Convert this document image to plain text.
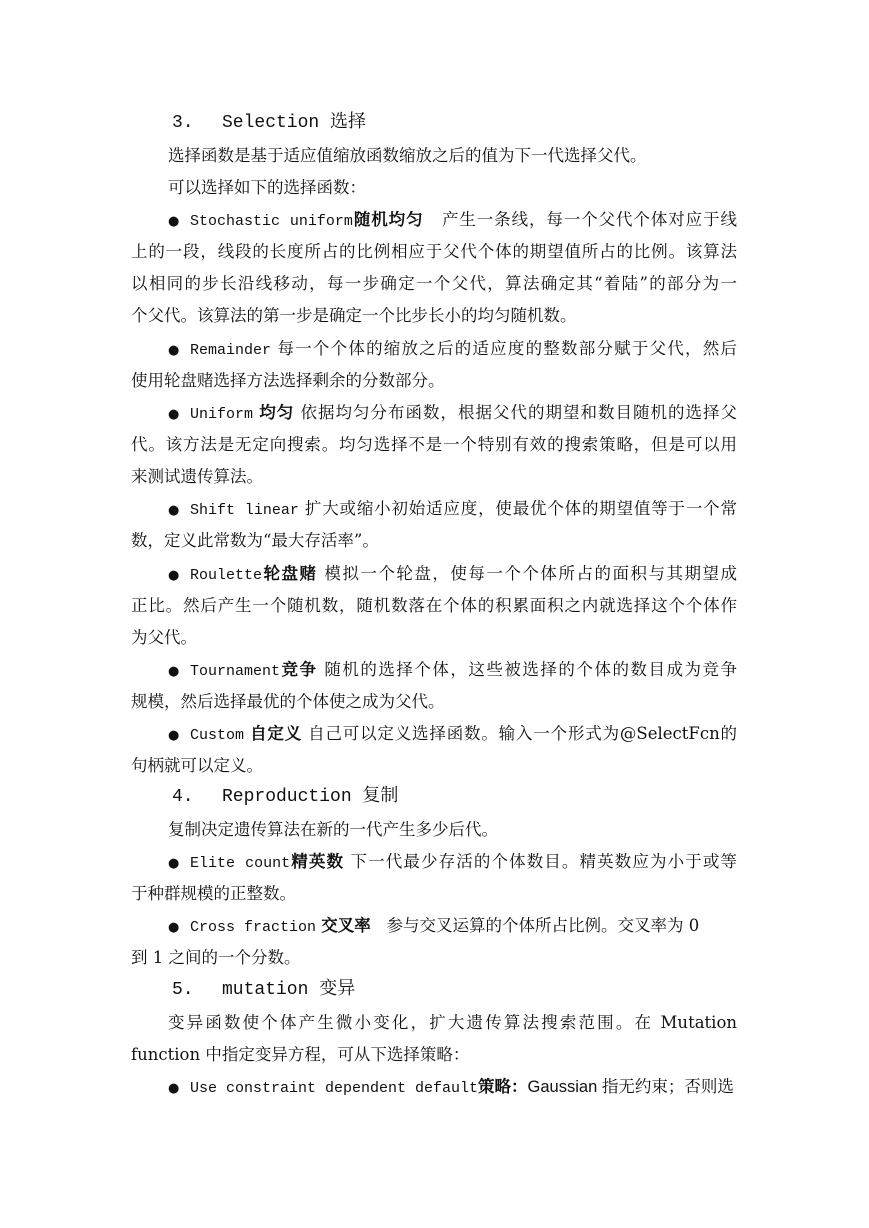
3. Selection 选择
选择函数是基于适应值缩放函数缩放之后的值为下一代选择父代。
可以选择如下的选择函数：
● Stochastic uniform随机均匀 产生一条线，每一个父代个体对应于线
上的一段，线段的长度所占的比例相应于父代个体的期望值所占的比例。该算法
以相同的步长沿线移动，每一步确定一个父代，算法确定其“着陆”的部分为一
个父代。该算法的第一步是确定一个比步长小的均匀随机数。
● Remainder 每一个个体的缩放之后的适应度的整数部分赋于父代，然后
使用轮盘赌选择方法选择剩余的分数部分。
● Uniform 均匀 依据均匀分布函数，根据父代的期望和数目随机的选择父
代。该方法是无定向搜索。均匀选择不是一个特别有效的搜索策略，但是可以用
来测试遗传算法。
● Shift linear 扩大或缩小初始适应度，使最优个体的期望值等于一个常
数，定义此常数为“最大存活率”。
● Roulette轮盘赌 模拟一个轮盘，使每一个个体所占的面积与其期望成
正比。然后产生一个随机数，随机数落在个体的积累面积之内就选择这个个体作
为父代。
● Tournament竞争 随机的选择个体，这些被选择的个体的数目成为竞争
规模，然后选择最优的个体使之成为父代。
● Custom 自定义 自己可以定义选择函数。输入一个形式为@SelectFcn的
句柄就可以定义。
4. Reproduction 复制
复制决定遗传算法在新的一代产生多少后代。
● Elite count精英数 下一代最少存活的个体数目。精英数应为小于或等
于种群规模的正整数。
● Cross fraction 交叉率 参与交叉运算的个体所占比例。交叉率为 0
到 1 之间的一个分数。
5. mutation 变异
变异函数使个体产生微小变化，扩大遗传算法搜索范围。在 Mutation
function 中指定变异方程，可从下选择策略：
● Use constraint dependent default策略：Gaussian 指无约束；否则选
